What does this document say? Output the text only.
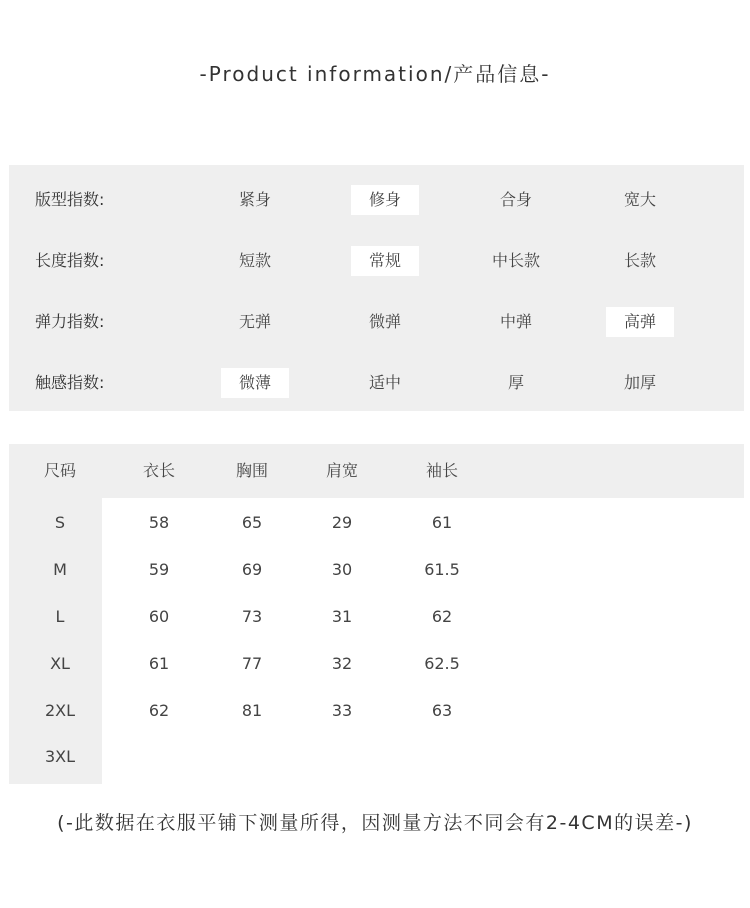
-Product information/产品信息-
版型指数:	紧身	修身	合身	宽大
长度指数:	短款	常规	中长款	长款
弹力指数:	无弹	微弹	中弹	高弹
触感指数:	微薄	适中	厚	加厚
尺码	衣长	胸围	肩宽	袖长
S	58	65	29	61
M	59	69	30	61.5
L	60	73	31	62
XL	61	77	32	62.5
2XL	62	81	33	63
3XL
(-此数据在衣服平铺下测量所得，因测量方法不同会有2-4CM的误差-)
